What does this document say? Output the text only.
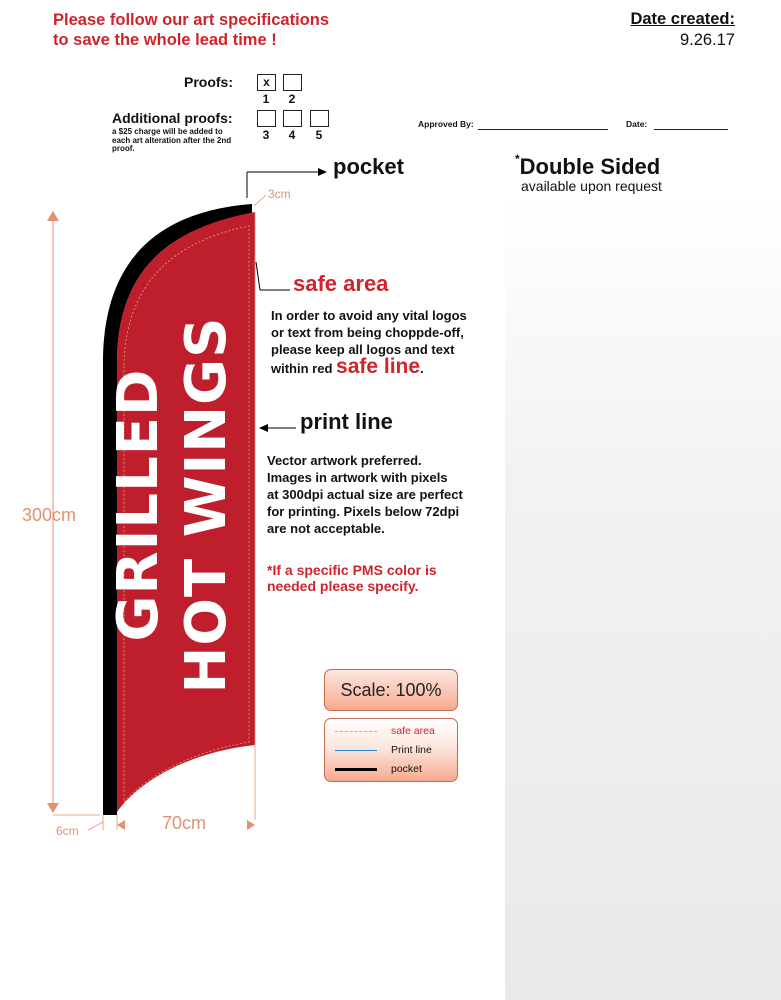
Please follow our art specifications
to save the whole lead time !
Date created:
9.26.17
Proofs:	x
1	2
Additional proofs:
a $25 charge will be added to each art alteration after the 2nd proof.
3	4	5
Approved By:	Date:
GRILLED HOT WINGS
300cm
70cm
6cm
3cm
pocket	*Double Sided
available upon request
safe area
In order to avoid any vital logos
or text from being choppde-off,
please keep all logos and text
within red safe line.
print line
Vector artwork preferred.
Images in artwork with pixels
at 300dpi actual size are perfect
for printing. Pixels below 72dpi
are not acceptable.
*If a specific PMS color is
needed please specify.
Scale: 100%
safe area
Print line
pocket
